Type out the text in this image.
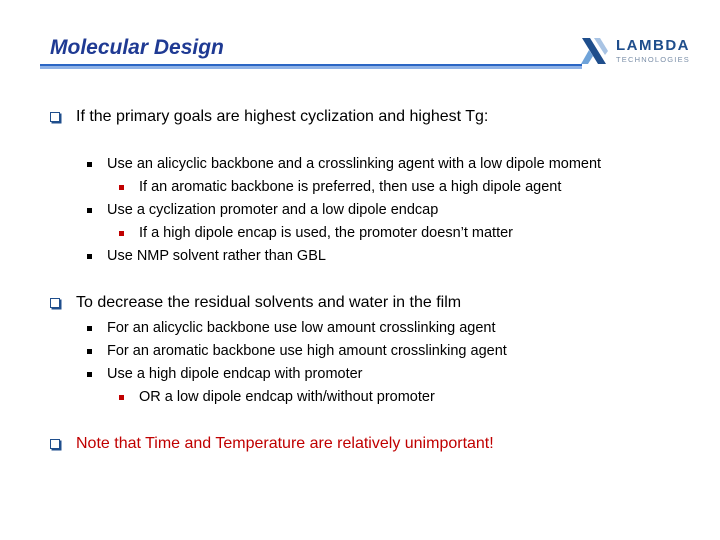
Molecular Design	LAMBDA
TECHNOLOGIES
If the primary goals are highest cyclization and highest Tg:
Use an alicyclic backbone and a crosslinking agent with a low dipole moment
If an aromatic backbone is preferred, then use a high dipole agent
Use a cyclization promoter and a low dipole endcap
If a high dipole encap is used, the promoter doesn’t matter
Use NMP solvent rather than GBL
To decrease the residual solvents and water in the film
For an alicyclic backbone use low amount crosslinking agent
For an aromatic backbone use high amount crosslinking agent
Use a high dipole endcap with promoter
OR a low dipole endcap with/without promoter
Note that Time and Temperature are relatively unimportant!
